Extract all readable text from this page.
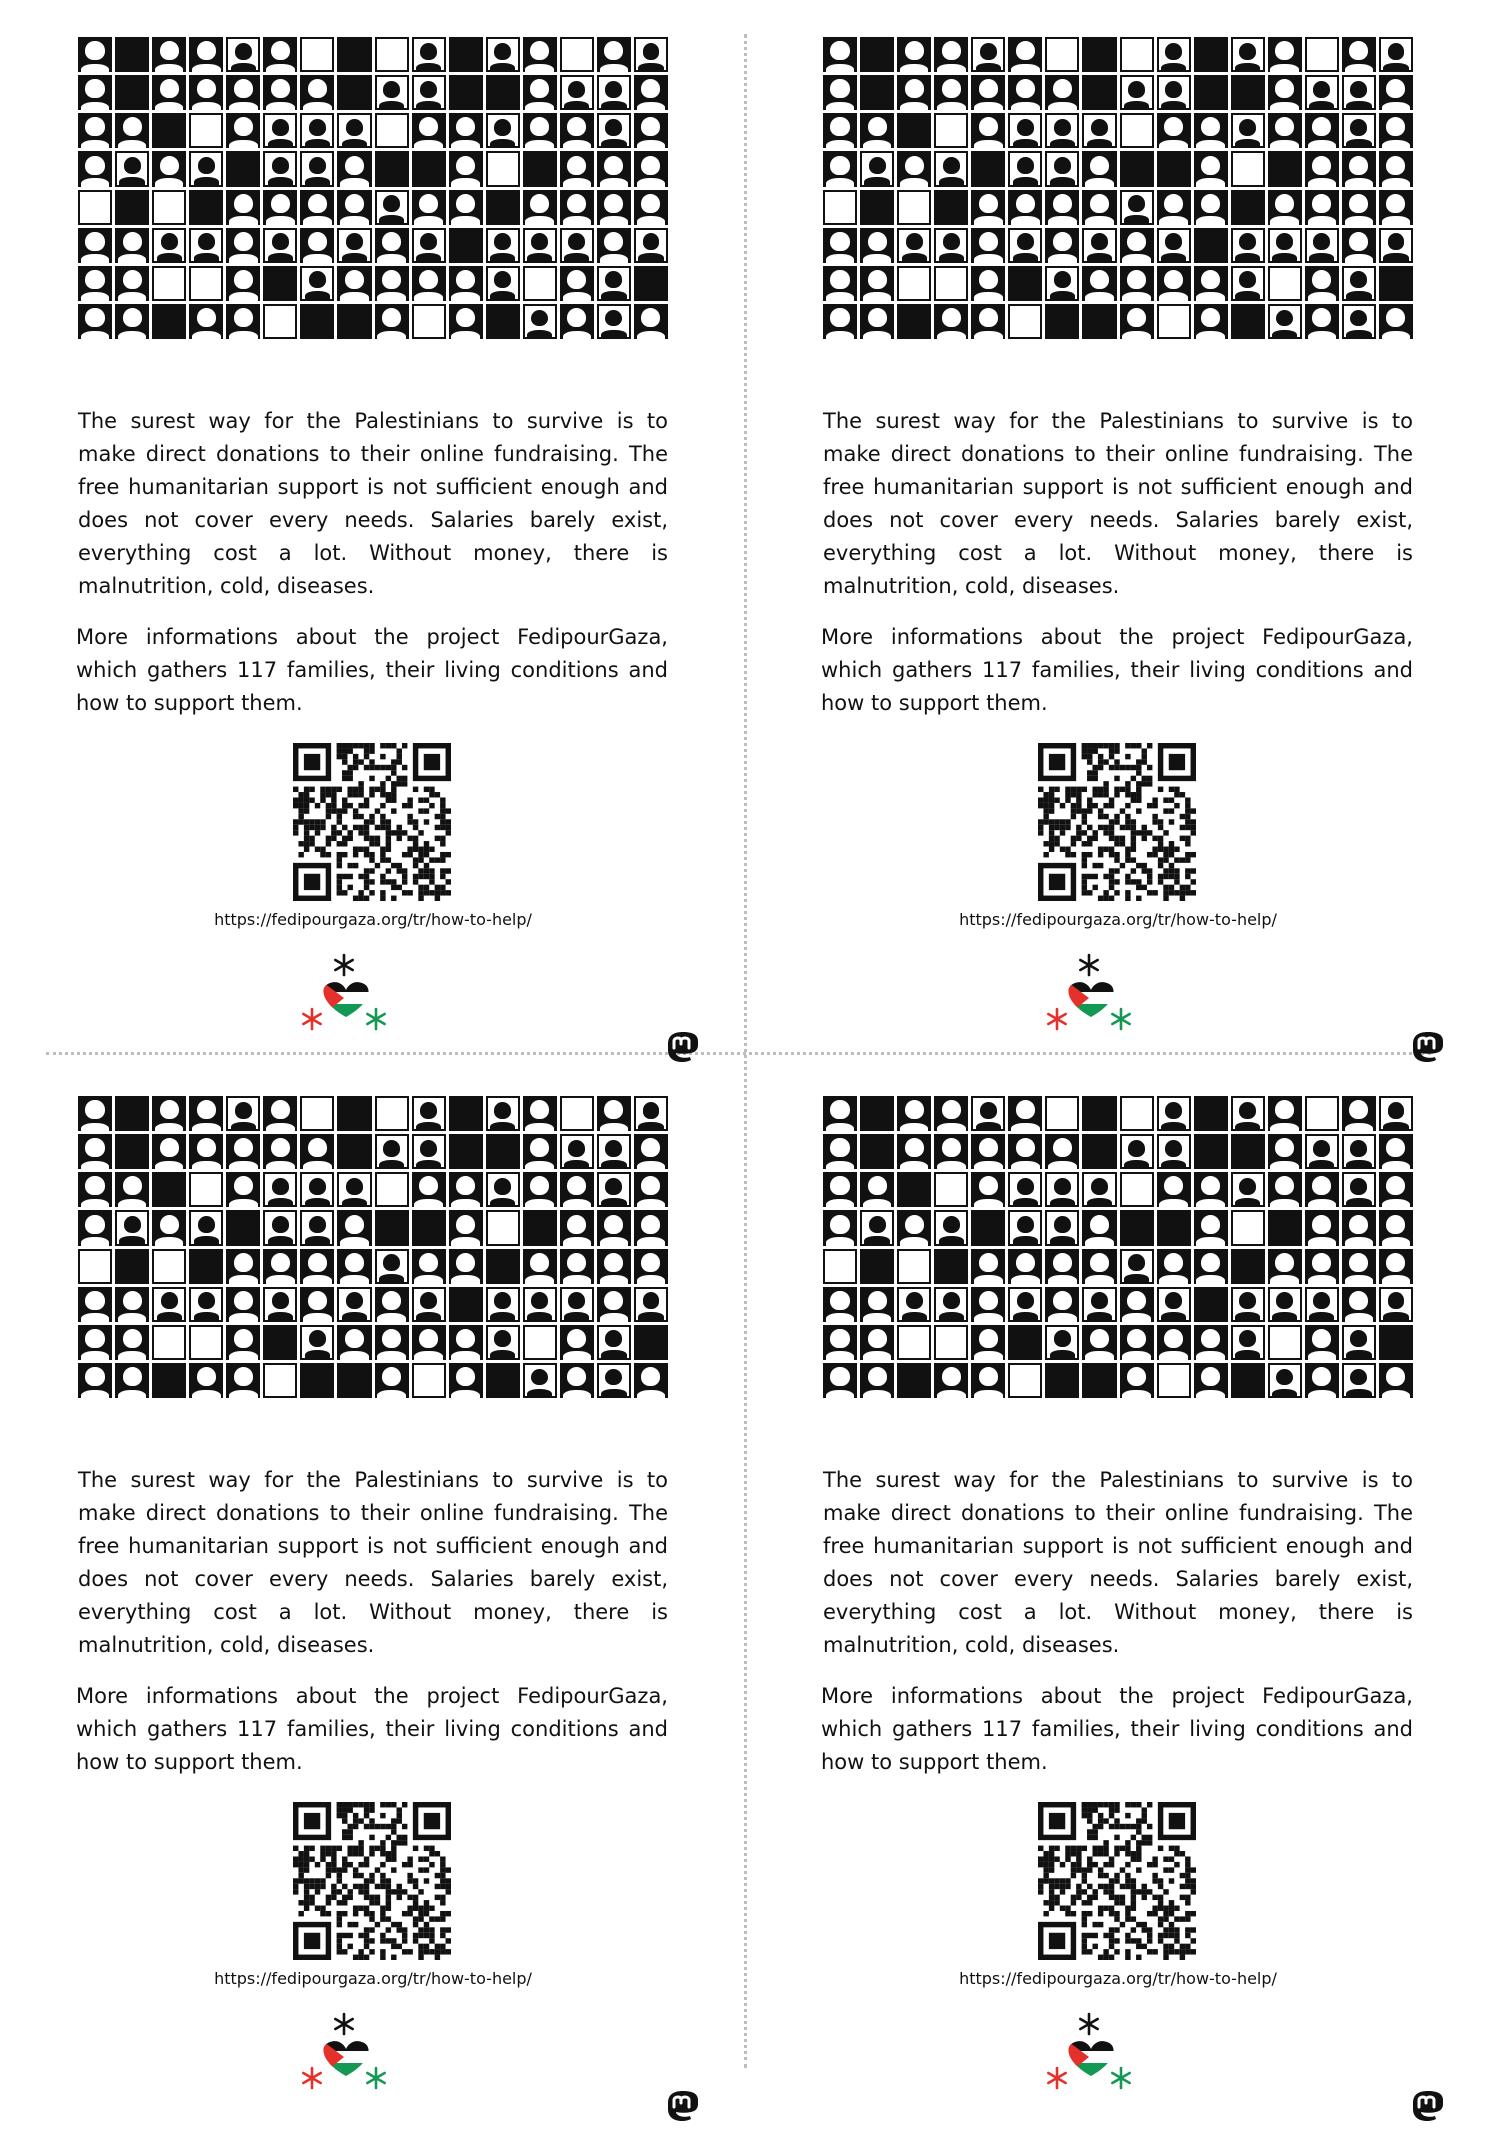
The surest way for the Palestinians to survive is to make direct donations to their online fundraising. The free humanitarian support is not sufficient enough and does not cover every needs. Salaries barely exist, everything cost a lot. Without money, there is malnutrition, cold, diseases.

More informations about the project FedipourGaza, which gathers 117 families, their living conditions and how to support them.

https://fedipourgaza.org/tr/how-to-help/

The surest way for the Palestinians to survive is to make direct donations to their online fundraising. The free humanitarian support is not sufficient enough and does not cover every needs. Salaries barely exist, everything cost a lot. Without money, there is malnutrition, cold, diseases.

More informations about the project FedipourGaza, which gathers 117 families, their living conditions and how to support them.

https://fedipourgaza.org/tr/how-to-help/

The surest way for the Palestinians to survive is to make direct donations to their online fundraising. The free humanitarian support is not sufficient enough and does not cover every needs. Salaries barely exist, everything cost a lot. Without money, there is malnutrition, cold, diseases.

More informations about the project FedipourGaza, which gathers 117 families, their living conditions and how to support them.

https://fedipourgaza.org/tr/how-to-help/

The surest way for the Palestinians to survive is to make direct donations to their online fundraising. The free humanitarian support is not sufficient enough and does not cover every needs. Salaries barely exist, everything cost a lot. Without money, there is malnutrition, cold, diseases.

More informations about the project FedipourGaza, which gathers 117 families, their living conditions and how to support them.

https://fedipourgaza.org/tr/how-to-help/
